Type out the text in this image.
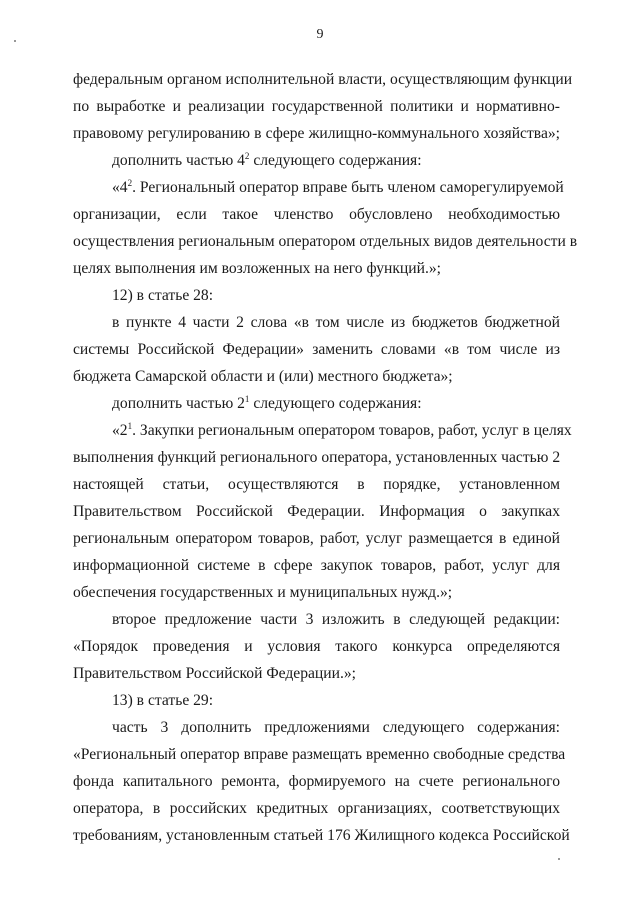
9
федеральным органом исполнительной власти, осуществляющим функции
по выработке и реализации государственной политики и нормативно-
правовому регулированию в сфере жилищно-коммунального хозяйства»;
дополнить частью $4^2$ следующего содержания:
«$4^2$. Региональный оператор вправе быть членом саморегулируемой
организации, если такое членство обусловлено необходимостью
осуществления региональным оператором отдельных видов деятельности в
целях выполнения им возложенных на него функций.»;
12) в статье 28:
в пункте 4 части 2 слова «в том числе из бюджетов бюджетной
системы Российской Федерации» заменить словами «в том числе из
бюджета Самарской области и (или) местного бюджета»;
дополнить частью $2^1$ следующего содержания:
«$2^1$. Закупки региональным оператором товаров, работ, услуг в целях
выполнения функций регионального оператора, установленных частью 2
настоящей статьи, осуществляются в порядке, установленном
Правительством Российской Федерации. Информация о закупках
региональным оператором товаров, работ, услуг размещается в единой
информационной системе в сфере закупок товаров, работ, услуг для
обеспечения государственных и муниципальных нужд.»;
второе предложение части 3 изложить в следующей редакции:
«Порядок проведения и условия такого конкурса определяются
Правительством Российской Федерации.»;
13) в статье 29:
часть 3 дополнить предложениями следующего содержания:
«Региональный оператор вправе размещать временно свободные средства
фонда капитального ремонта, формируемого на счете регионального
оператора, в российских кредитных организациях, соответствующих
требованиям, установленным статьей 176 Жилищного кодекса Российской
